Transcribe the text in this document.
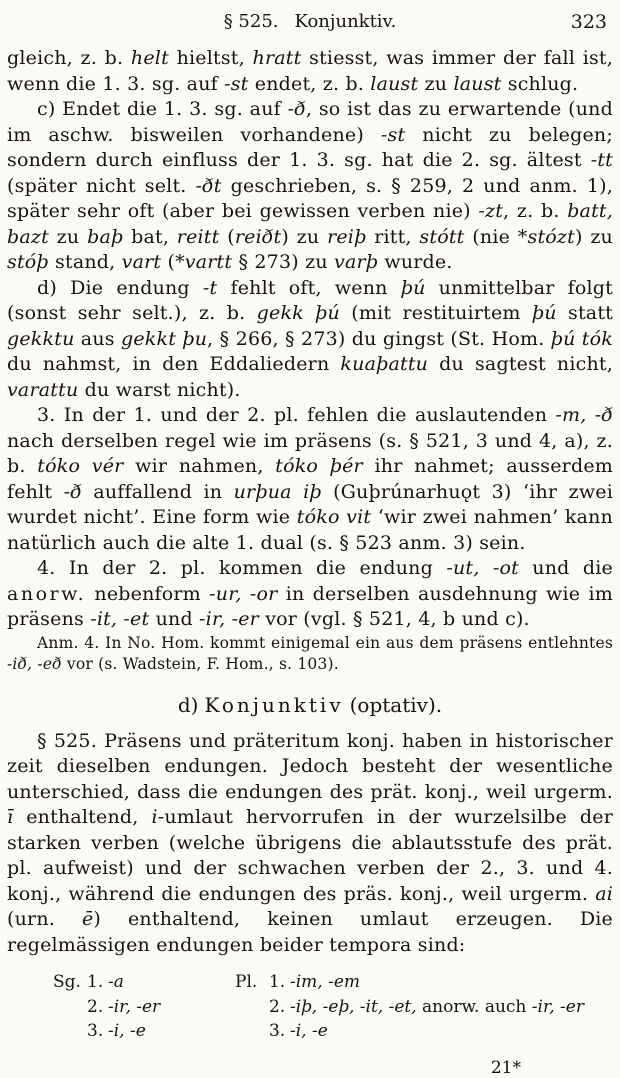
§ 525. Konjunktiv.	323

gleich, z. b. helt hieltst, hratt stiesst, was immer der fall ist, wenn die 1. 3. sg. auf -st endet, z. b. laust zu laust schlug.

c) Endet die 1. 3. sg. auf -ð, so ist das zu erwartende (und im aschw. bisweilen vorhandene) -st nicht zu belegen; sondern durch einfluss der 1. 3. sg. hat die 2. sg. ältest -tt (später nicht selt. -ðt geschrieben, s. § 259, 2 und anm. 1), später sehr oft (aber bei gewissen verben nie) -zt, z. b. batt, bazt zu baþ bat, reitt (reiðt) zu reiþ ritt, stótt (nie *stózt) zu stóþ stand, vart (*vartt § 273) zu varþ wurde.

d) Die endung -t fehlt oft, wenn þú unmittelbar folgt (sonst sehr selt.), z. b. gekk þú (mit restituirtem þú statt gekktu aus gekkt þu, § 266, § 273) du gingst (St. Hom. þú tók du nahmst, in den Eddaliedern kuaþattu du sagtest nicht, varattu du warst nicht).

3. In der 1. und der 2. pl. fehlen die auslautenden -m, -ð nach derselben regel wie im präsens (s. § 521, 3 und 4, a), z. b. tóko vér wir nahmen, tóko þér ihr nahmet; ausserdem fehlt -ð auffallend in urþua iþ (Guþrúnarhuǫt 3) ‘ihr zwei wurdet nicht’. Eine form wie tóko vit ‘wir zwei nahmen’ kann natürlich auch die alte 1. dual (s. § 523 anm. 3) sein.

4. In der 2. pl. kommen die endung -ut, -ot und die anorw. nebenform -ur, -or in derselben ausdehnung wie im präsens -it, -et und -ir, -er vor (vgl. § 521, 4, b und c).

Anm. 4. In No. Hom. kommt einigemal ein aus dem präsens entlehntes -ið, -eð vor (s. Wadstein, F. Hom., s. 103).

d) Konjunktiv (optativ).

§ 525. Präsens und präteritum konj. haben in historischer zeit dieselben endungen. Jedoch besteht der wesentliche unterschied, dass die endungen des prät. konj., weil urgerm. ī enthaltend, i-umlaut hervorrufen in der wurzelsilbe der starken verben (welche übrigens die ablautsstufe des prät. pl. aufweist) und der schwachen verben der 2., 3. und 4. konj., während die endungen des präs. konj., weil urgerm. ai (urn. ē) enthaltend, keinen umlaut erzeugen. Die regelmässigen endungen beider tempora sind:

Sg. 1. -a
2. -ir, -er
3. -i, -e
Pl. 1. -im, -em
2. -iþ, -eþ, -it, -et, anorw. auch -ir, -er
3. -i, -e
21*
